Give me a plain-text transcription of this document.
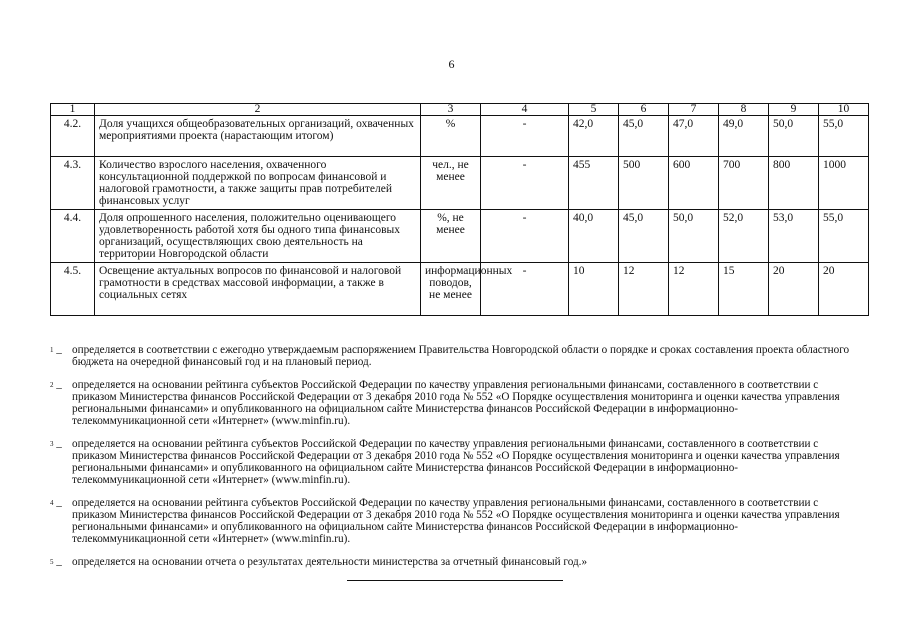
6
1	2	3	4	5	6	7	8	9	10
4.2.	Доля учащихся общеобразовательных организаций, охваченных мероприятиями проекта (нарастающим итогом)	%	-	42,0	45,0	47,0	49,0	50,0	55,0
4.3.	Количество взрослого населения, охваченного консультационной поддержкой по вопросам финансовой и налоговой грамотности, а также защиты прав потребителей финансовых услуг	чел., не менее	-	455	500	600	700	800	1000
4.4.	Доля опрошенного населения, положительно оценивающего удовлетворенность работой хотя бы одного типа финансовых организаций, осуществляющих свою деятельность на территории Новгородской области	%, не менее	-	40,0	45,0	50,0	52,0	53,0	55,0
4.5.	Освещение актуальных вопросов по финансовой и налоговой грамотности в средствах массовой информации, а также в социальных сетях	информационных поводов, не менее	-	10	12	12	15	20	20
$^1$ – определяется в соответствии с ежегодно утверждаемым распоряжением Правительства Новгородской области о порядке и сроках составления проекта областного бюджета на очередной финансовый год и на плановый период.
$^2$ – определяется на основании рейтинга субъектов Российской Федерации по качеству управления региональными финансами, составленного в соответствии с приказом Министерства финансов Российской Федерации от 3 декабря 2010 года № 552 «О Порядке осуществления мониторинга и оценки качества управления региональными финансами» и опубликованного на официальном сайте Министерства финансов Российской Федерации в информационно-телекоммуникационной сети «Интернет» (www.minfin.ru).
$^3$ – определяется на основании рейтинга субъектов Российской Федерации по качеству управления региональными финансами, составленного в соответствии с приказом Министерства финансов Российской Федерации от 3 декабря 2010 года № 552 «О Порядке осуществления мониторинга и оценки качества управления региональными финансами» и опубликованного на официальном сайте Министерства финансов Российской Федерации в информационно-телекоммуникационной сети «Интернет» (www.minfin.ru).
$^4$ – определяется на основании рейтинга субъектов Российской Федерации по качеству управления региональными финансами, составленного в соответствии с приказом Министерства финансов Российской Федерации от 3 декабря 2010 года № 552 «О Порядке осуществления мониторинга и оценки качества управления региональными финансами» и опубликованного на официальном сайте Министерства финансов Российской Федерации в информационно-телекоммуникационной сети «Интернет» (www.minfin.ru).
$^5$ – определяется на основании отчета о результатах деятельности министерства за отчетный финансовый год.»
